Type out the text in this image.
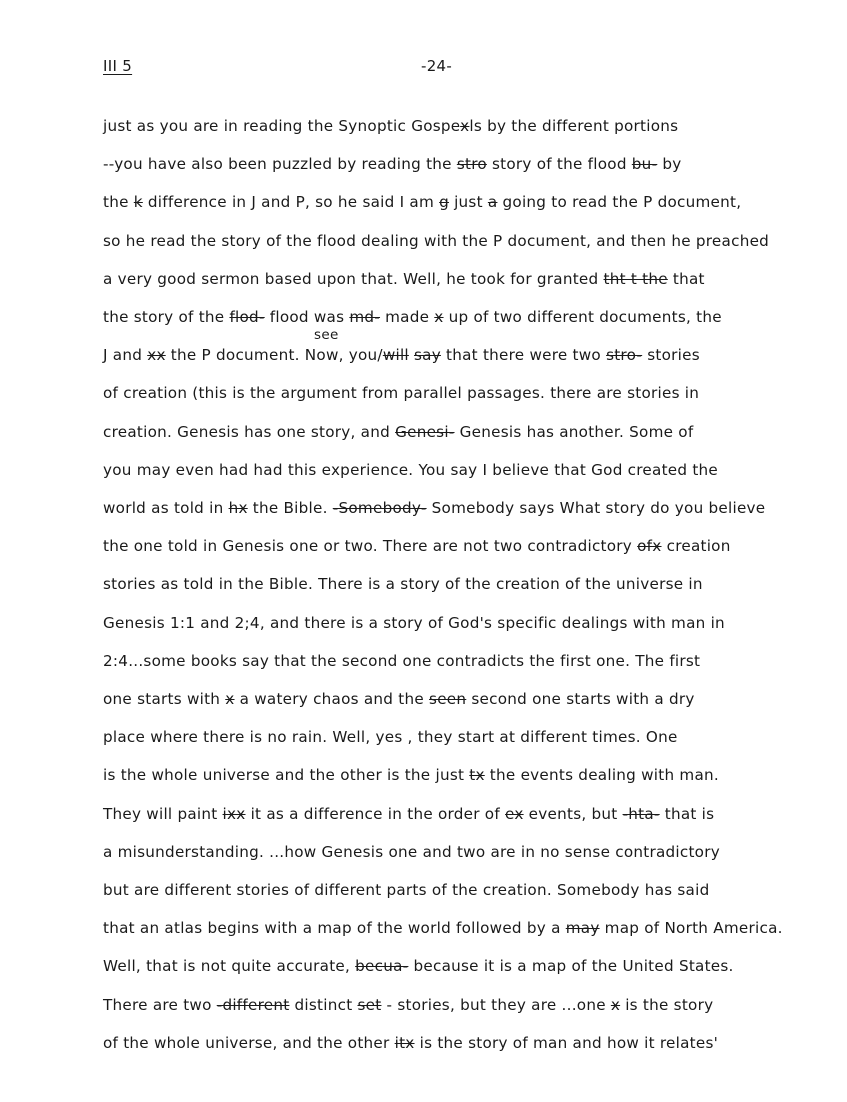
III 5	-24-
see
just as you are in reading the Synoptic Gospexls by the different portions
--you have also been puzzled by reading the stro story of the flood bu- by
the k difference in J and P, so he said I am g just a going to read the P document,
so he read the story of the flood dealing with the P document, and then he preached
a very good sermon based upon that. Well, he took for granted tht t the that
the story of the flod- flood was md- made x up of two different documents, the
J and xx the P document. Now, you/will say that there were two stro- stories
of creation (this is the argument from parallel passages. there are stories in
creation. Genesis has one story, and Genesi- Genesis has another. Some of
you may even had had this experience. You say I believe that God created the
world as told in hx the Bible. -Somebody- Somebody says What story do you believe
the one told in Genesis one or two. There are not two contradictory ofx creation
stories as told in the Bible. There is a story of the creation of the universe in
Genesis 1:1 and 2;4, and there is a story of God's specific dealings with man in
2:4...some books say that the second one contradicts the first one. The first
one starts with x a watery chaos and the seen second one starts with a dry
place where there is no rain. Well, yes , they start at different times. One
is the whole universe and the other is the just tx the events dealing with man.
They will paint ixx it as a difference in the order of ex events, but -hta- that is
a misunderstanding. ...how Genesis one and two are in no sense contradictory
but are different stories of different parts of the creation. Somebody has said
that an atlas begins with a map of the world followed by a may map of North America.
Well, that is not quite accurate, becua- because it is a map of the United States.
There are two -different distinct set - stories, but they are ...one x is the story
of the whole universe, and the other itx is the story of man and how it relates'
